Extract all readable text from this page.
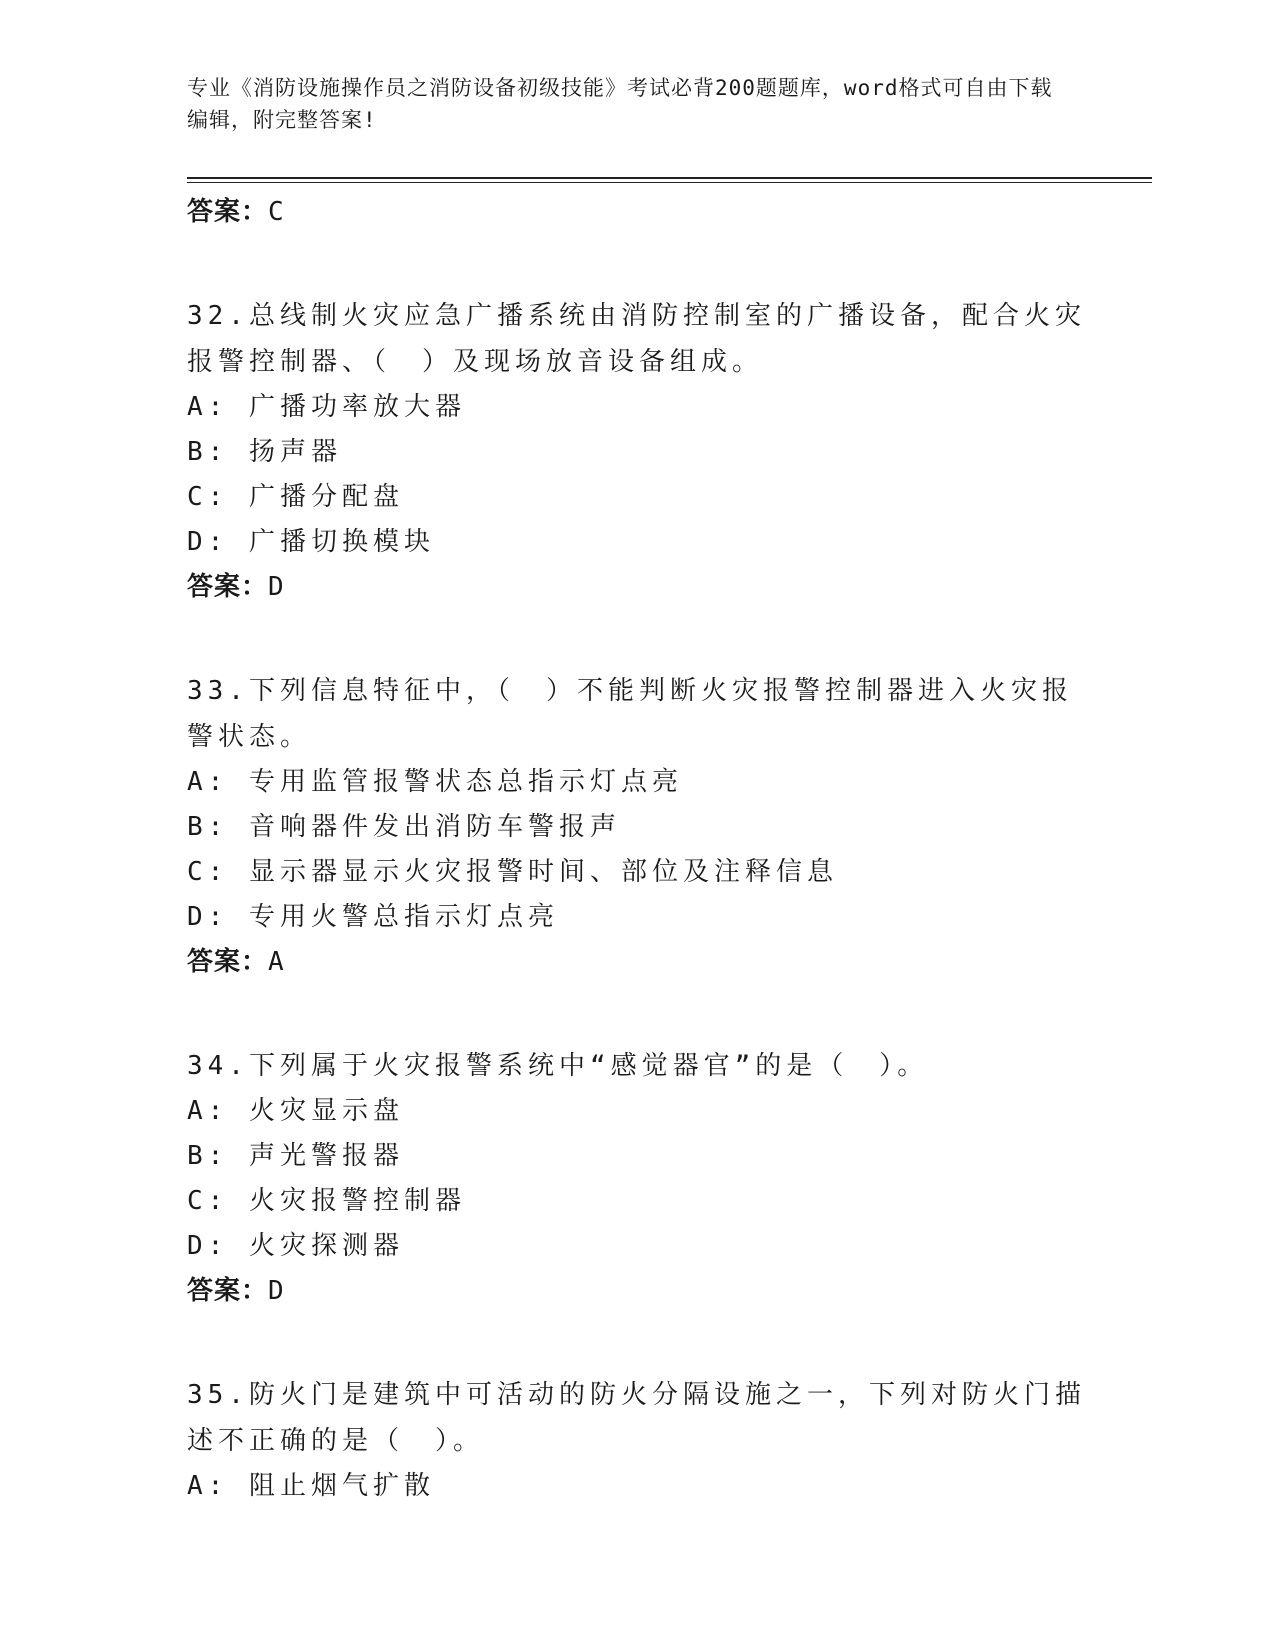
专业《消防设施操作员之消防设备初级技能》考试必背200题题库，word格式可自由下载编辑，附完整答案!
答案：C
32.总线制火灾应急广播系统由消防控制室的广播设备，配合火灾报警控制器、（　）及现场放音设备组成。
A: 广播功率放大器
B: 扬声器
C: 广播分配盘
D: 广播切换模块
答案：D
33.下列信息特征中，（　）不能判断火灾报警控制器进入火灾报警状态。
A: 专用监管报警状态总指示灯点亮
B: 音响器件发出消防车警报声
C: 显示器显示火灾报警时间、部位及注释信息
D: 专用火警总指示灯点亮
答案：A
34.下列属于火灾报警系统中“感觉器官”的是（　）。
A: 火灾显示盘
B: 声光警报器
C: 火灾报警控制器
D: 火灾探测器
答案：D
35.防火门是建筑中可活动的防火分隔设施之一，下列对防火门描述不正确的是（　）。
A: 阻止烟气扩散
